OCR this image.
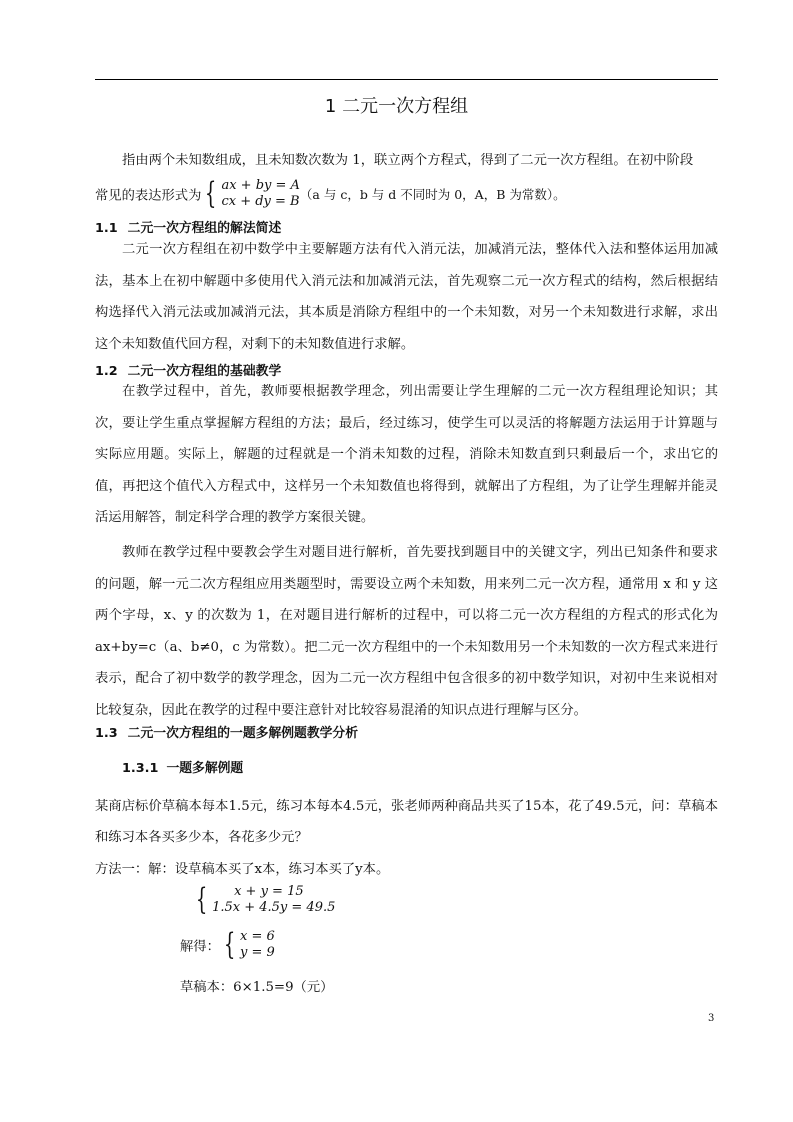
1 二元一次方程组

指由两个未知数组成，且未知数次数为 1，联立两个方程式，得到了二元一次方程组。在初中阶段

常见的表达形式为 { ax + by = A
cx + dy = B （a 与 c，b 与 d 不同时为 0，A，B 为常数）。
1.1 二元一次方程组的解法简述

二元一次方程组在初中数学中主要解题方法有代入消元法，加减消元法，整体代入法和整体运用加减法，基本上在初中解题中多使用代入消元法和加减消元法，首先观察二元一次方程式的结构，然后根据结构选择代入消元法或加减消元法，其本质是消除方程组中的一个未知数，对另一个未知数进行求解，求出这个未知数值代回方程，对剩下的未知数值进行求解。

1.2 二元一次方程组的基础教学

在教学过程中，首先，教师要根据教学理念，列出需要让学生理解的二元一次方程组理论知识；其次，要让学生重点掌握解方程组的方法；最后，经过练习，使学生可以灵活的将解题方法运用于计算题与实际应用题。实际上，解题的过程就是一个消未知数的过程，消除未知数直到只剩最后一个，求出它的值，再把这个值代入方程式中，这样另一个未知数值也将得到，就解出了方程组，为了让学生理解并能灵活运用解答，制定科学合理的教学方案很关键。

教师在教学过程中要教会学生对题目进行解析，首先要找到题目中的关键文字，列出已知条件和要求的问题，解一元二次方程组应用类题型时，需要设立两个未知数，用来列二元一次方程，通常用 x 和 y 这两个字母，x、y 的次数为 1，在对题目进行解析的过程中，可以将二元一次方程组的方程式的形式化为 ax+by=c（a、b≠0，c 为常数）。把二元一次方程组中的一个未知数用另一个未知数的一次方程式来进行表示，配合了初中数学的教学理念，因为二元一次方程组中包含很多的初中数学知识，对初中生来说相对比较复杂，因此在教学的过程中要注意针对比较容易混淆的知识点进行理解与区分。

1.3 二元一次方程组的一题多解例题教学分析
1.3.1 一题多解例题

某商店标价草稿本每本1.5元，练习本每本4.5元，张老师两种商品共买了15本，花了49.5元，问：草稿本和练习本各买多少本，各花多少元？

方法一：解：设草稿本买了x本，练习本买了y本。
{	x + y = 15
1.5x + 4.5y = 49.5
解得： { x = 6
y = 9
草稿本：6×1.5=9（元）
3
